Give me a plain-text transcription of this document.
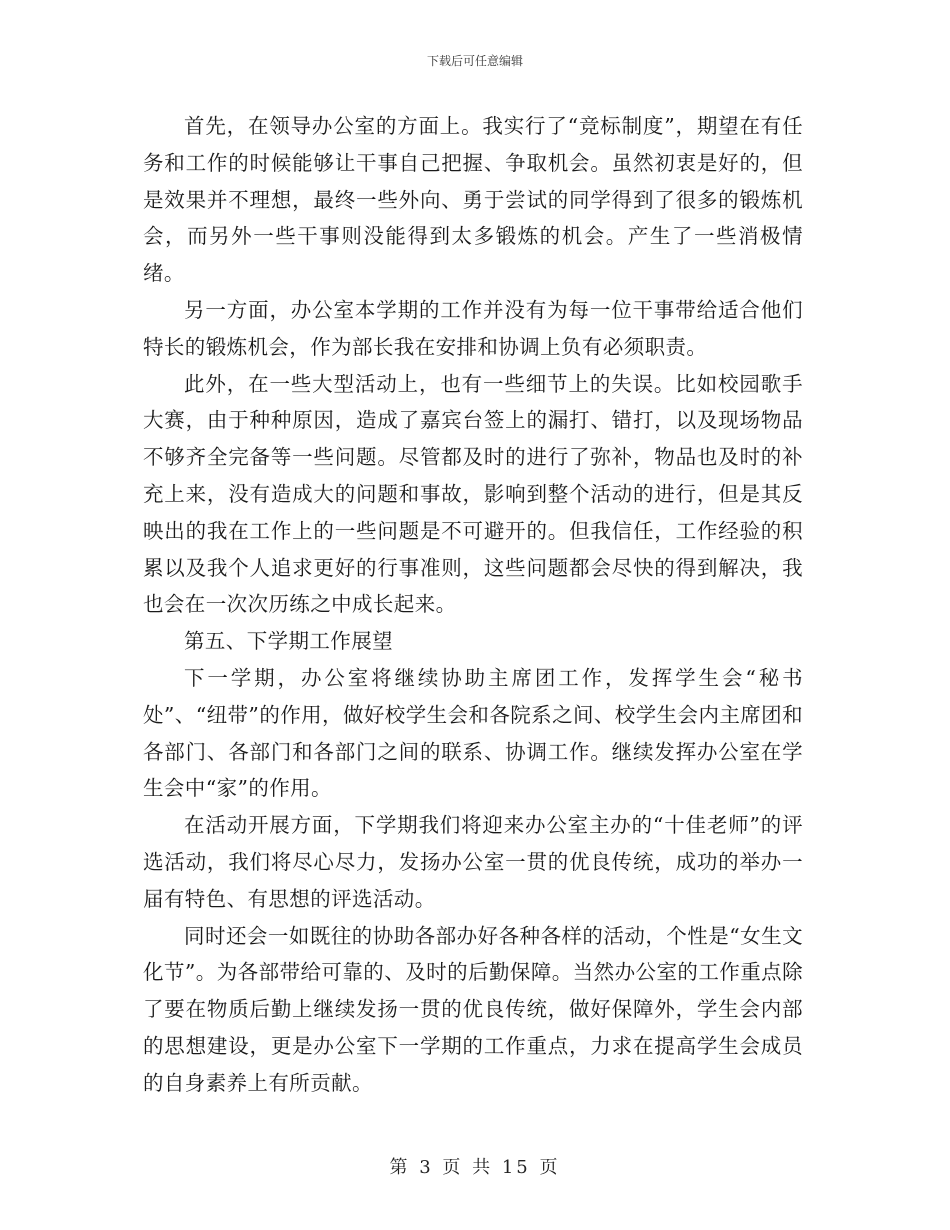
下载后可任意编辑

首先，在领导办公室的方面上。我实行了“竞标制度”，期望在有任务和工作的时候能够让干事自己把握、争取机会。虽然初衷是好的，但是效果并不理想，最终一些外向、勇于尝试的同学得到了很多的锻炼机会，而另外一些干事则没能得到太多锻炼的机会。产生了一些消极情绪。

另一方面，办公室本学期的工作并没有为每一位干事带给适合他们特长的锻炼机会，作为部长我在安排和协调上负有必须职责。

此外，在一些大型活动上，也有一些细节上的失误。比如校园歌手大赛，由于种种原因，造成了嘉宾台签上的漏打、错打，以及现场物品不够齐全完备等一些问题。尽管都及时的进行了弥补，物品也及时的补充上来，没有造成大的问题和事故，影响到整个活动的进行，但是其反映出的我在工作上的一些问题是不可避开的。但我信任，工作经验的积累以及我个人追求更好的行事准则，这些问题都会尽快的得到解决，我也会在一次次历练之中成长起来。

第五、下学期工作展望

下一学期，办公室将继续协助主席团工作，发挥学生会“秘书处”、“纽带”的作用，做好校学生会和各院系之间、校学生会内主席团和各部门、各部门和各部门之间的联系、协调工作。继续发挥办公室在学生会中“家”的作用。

在活动开展方面，下学期我们将迎来办公室主办的“十佳老师”的评选活动，我们将尽心尽力，发扬办公室一贯的优良传统，成功的举办一届有特色、有思想的评选活动。

同时还会一如既往的协助各部办好各种各样的活动，个性是“女生文化节”。为各部带给可靠的、及时的后勤保障。当然办公室的工作重点除了要在物质后勤上继续发扬一贯的优良传统，做好保障外，学生会内部的思想建设，更是办公室下一学期的工作重点，力求在提高学生会成员的自身素养上有所贡献。

第 3 页 共 15 页
